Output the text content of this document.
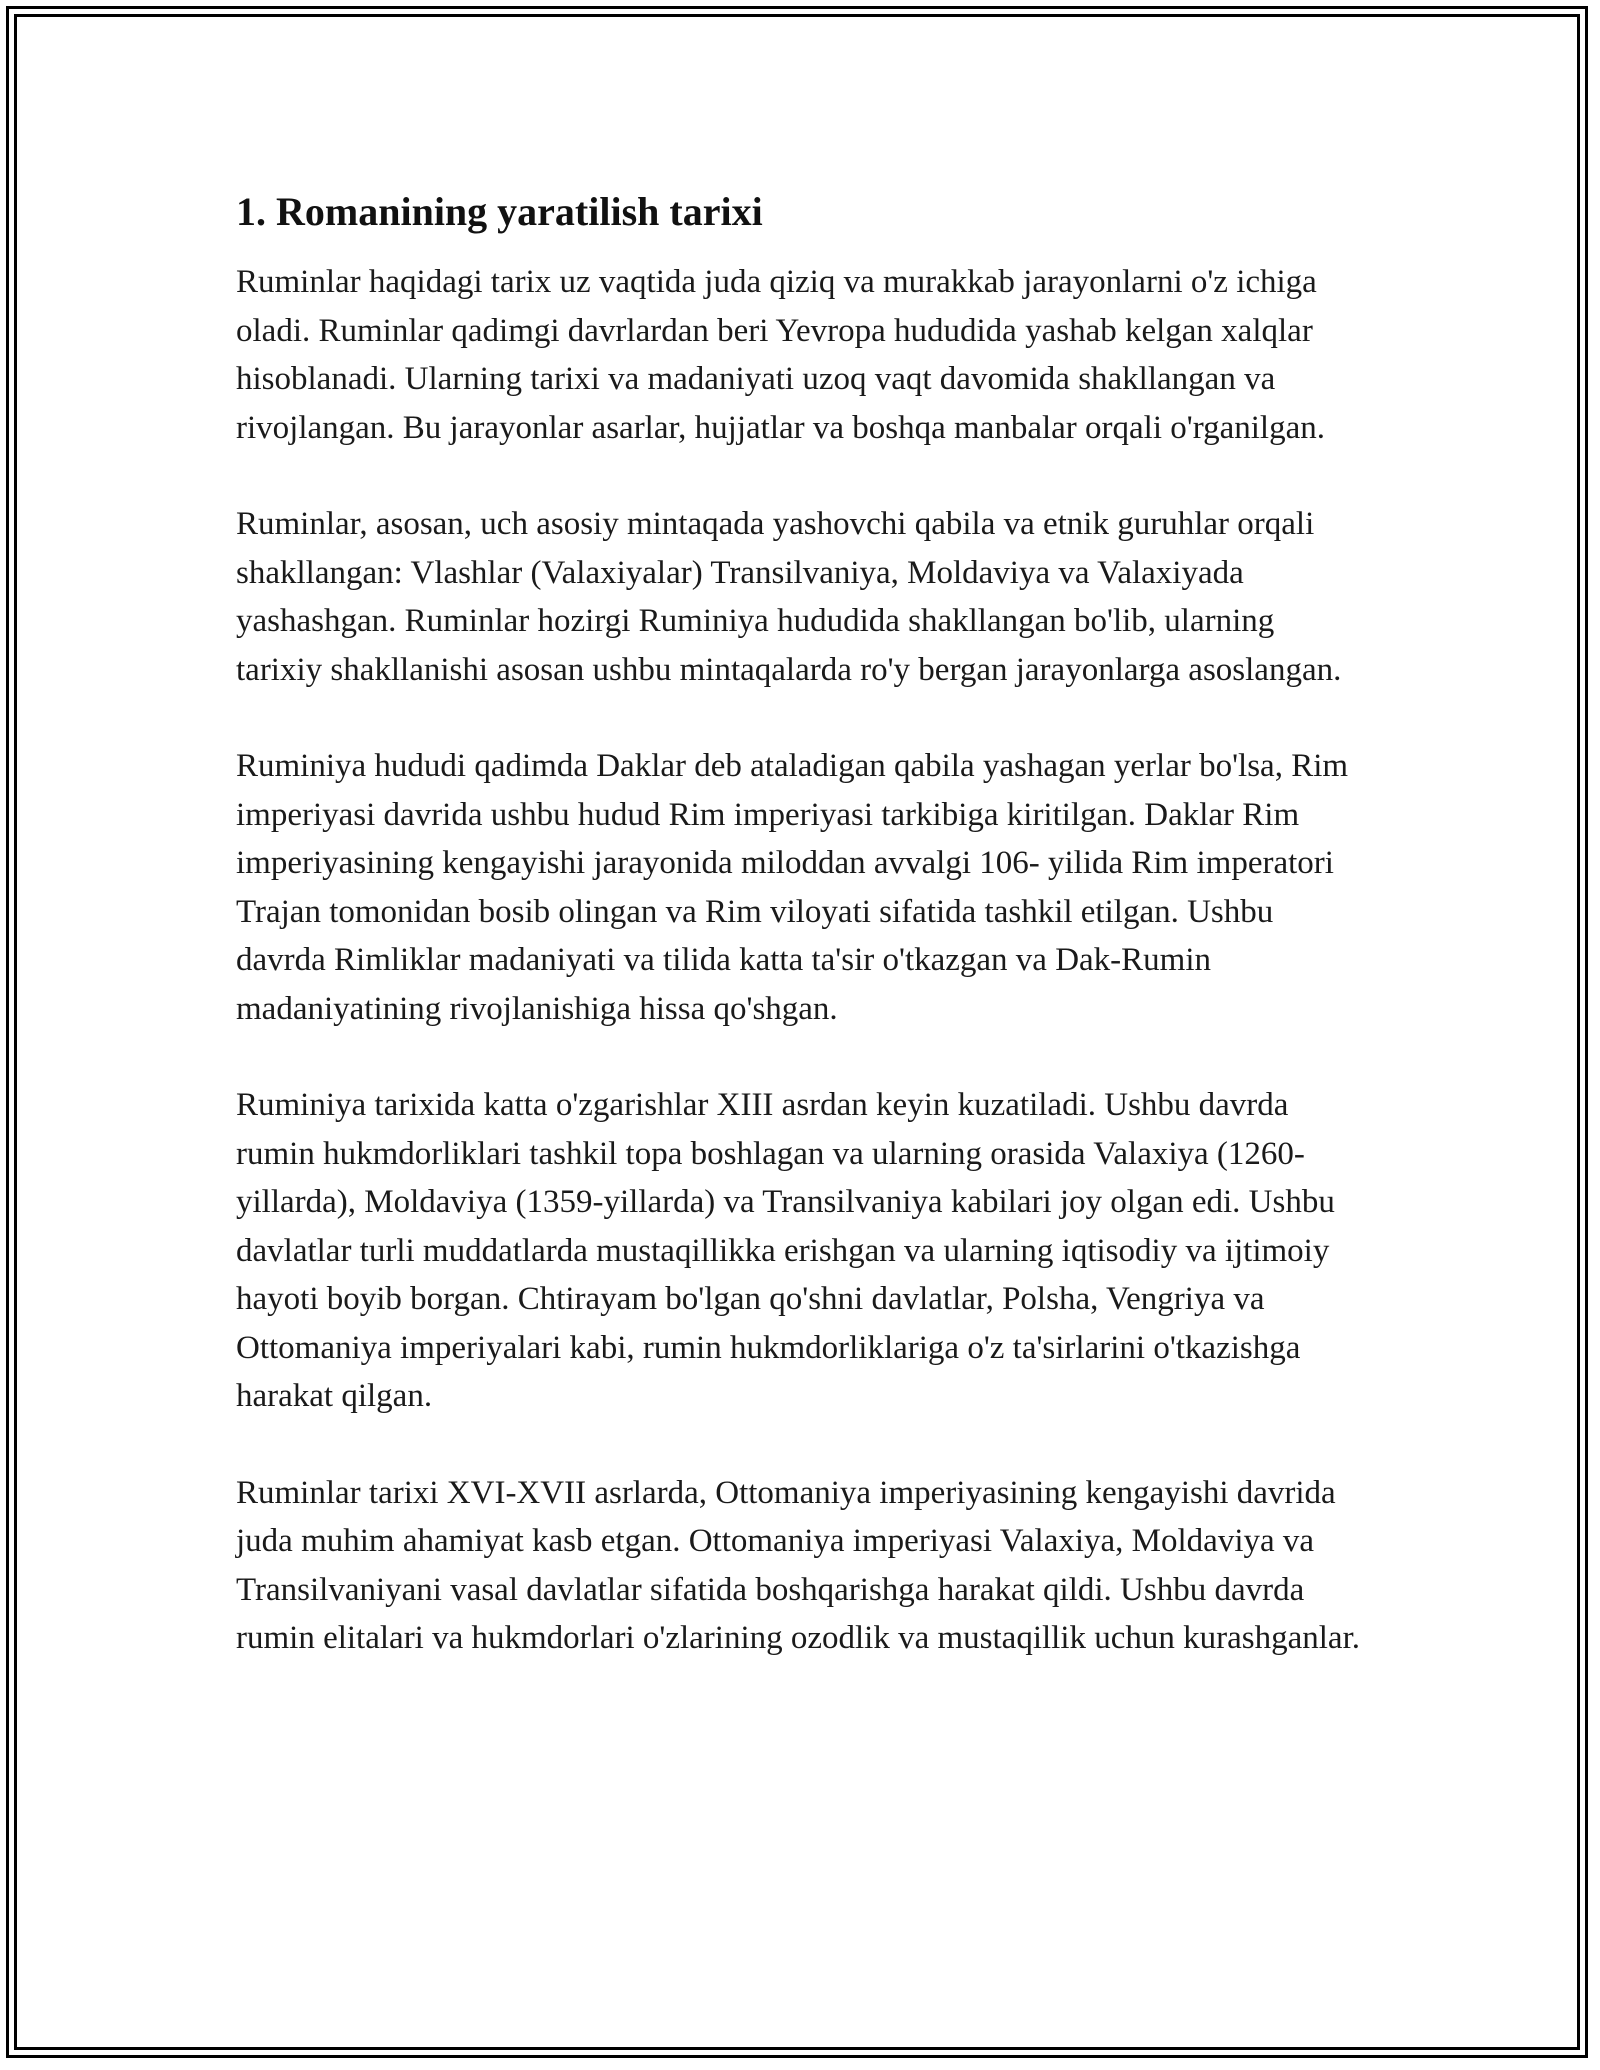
1. Romanining yaratilish tarixi

Ruminlar haqidagi tarix uz vaqtida juda qiziq va murakkab jarayonlarni o'z ichiga oladi. Ruminlar qadimgi davrlardan beri Yevropa hududida yashab kelgan xalqlar hisoblanadi. Ularning tarixi va madaniyati uzoq vaqt davomida shakllangan va rivojlangan. Bu jarayonlar asarlar, hujjatlar va boshqa manbalar orqali o'rganilgan.

Ruminlar, asosan, uch asosiy mintaqada yashovchi qabila va etnik guruhlar orqali shakllangan: Vlashlar (Valaxiyalar) Transilvaniya, Moldaviya va Valaxiyada yashashgan. Ruminlar hozirgi Ruminiya hududida shakllangan bo'lib, ularning tarixiy shakllanishi asosan ushbu mintaqalarda ro'y bergan jarayonlarga asoslangan.

Ruminiya hududi qadimda Daklar deb ataladigan qabila yashagan yerlar bo'lsa, Rim imperiyasi davrida ushbu hudud Rim imperiyasi tarkibiga kiritilgan. Daklar Rim imperiyasining kengayishi jarayonida miloddan avvalgi 106- yilida Rim imperatori Trajan tomonidan bosib olingan va Rim viloyati sifatida tashkil etilgan. Ushbu davrda Rimliklar madaniyati va tilida katta ta'sir o'tkazgan va Dak-Rumin madaniyatining rivojlanishiga hissa qo'shgan.

Ruminiya tarixida katta o'zgarishlar XIII asrdan keyin kuzatiladi. Ushbu davrda rumin hukmdorliklari tashkil topa boshlagan va ularning orasida Valaxiya (1260-yillarda), Moldaviya (1359-yillarda) va Transilvaniya kabilari joy olgan edi. Ushbu davlatlar turli muddatlarda mustaqillikka erishgan va ularning iqtisodiy va ijtimoiy hayoti boyib borgan. Chtirayam bo'lgan qo'shni davlatlar, Polsha, Vengriya va Ottomaniya imperiyalari kabi, rumin hukmdorliklariga o'z ta'sirlarini o'tkazishga harakat qilgan.

Ruminlar tarixi XVI-XVII asrlarda, Ottomaniya imperiyasining kengayishi davrida juda muhim ahamiyat kasb etgan. Ottomaniya imperiyasi Valaxiya, Moldaviya va Transilvaniyani vasal davlatlar sifatida boshqarishga harakat qildi. Ushbu davrda rumin elitalari va hukmdorlari o'zlarining ozodlik va mustaqillik uchun kurashganlar.
